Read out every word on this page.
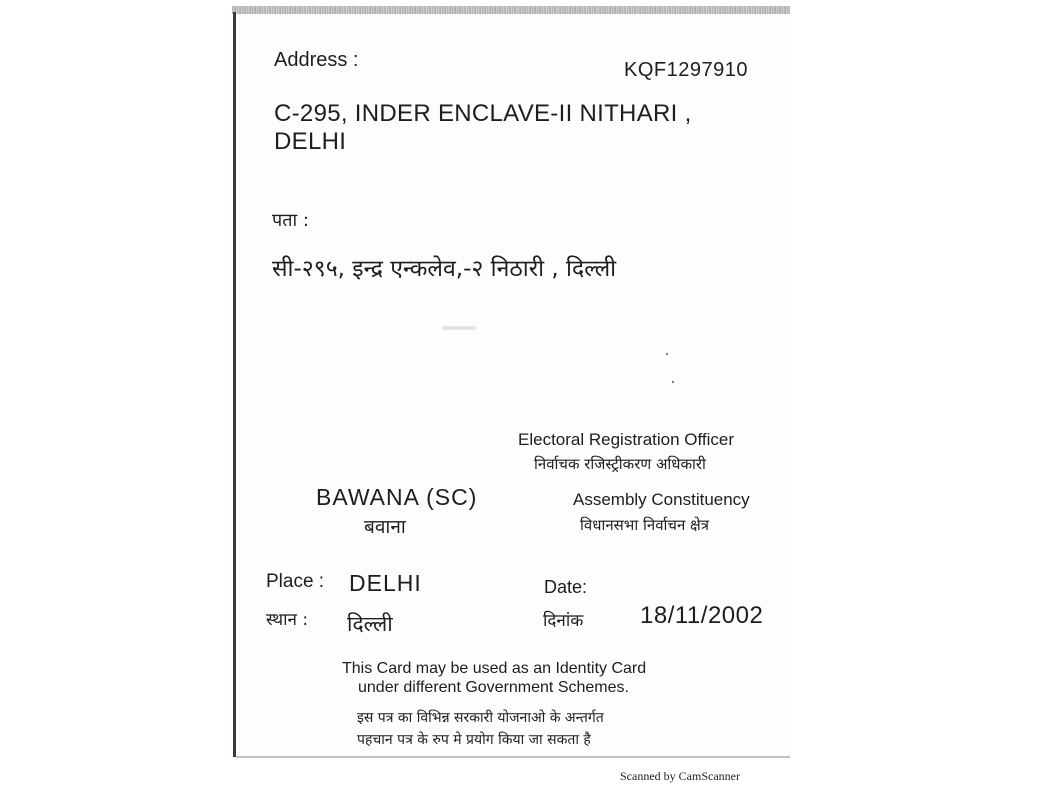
Address :	KQF1297910

C-295, INDER ENCLAVE-II NITHARI , DELHI

पता :

सी-२९५, इन्द्र एन्कलेव,-२ निठारी , दिल्ली

Electoral Registration Officer

निर्वाचक रजिस्ट्रीकरण अधिकारी

BAWANA (SC)	Assembly Constituency

बवाना	विधानसभा निर्वाचन क्षेत्र

Place : DELHI	Date:

स्थान : दिल्ली	दिनांक 18/11/2002

This Card may be used as an Identity Card

under different Government Schemes.

इस पत्र का विभिन्न सरकारी योजनाओ के अन्तर्गत

पहचान पत्र के रुप मे प्रयोग किया जा सकता है

Scanned by CamScanner
